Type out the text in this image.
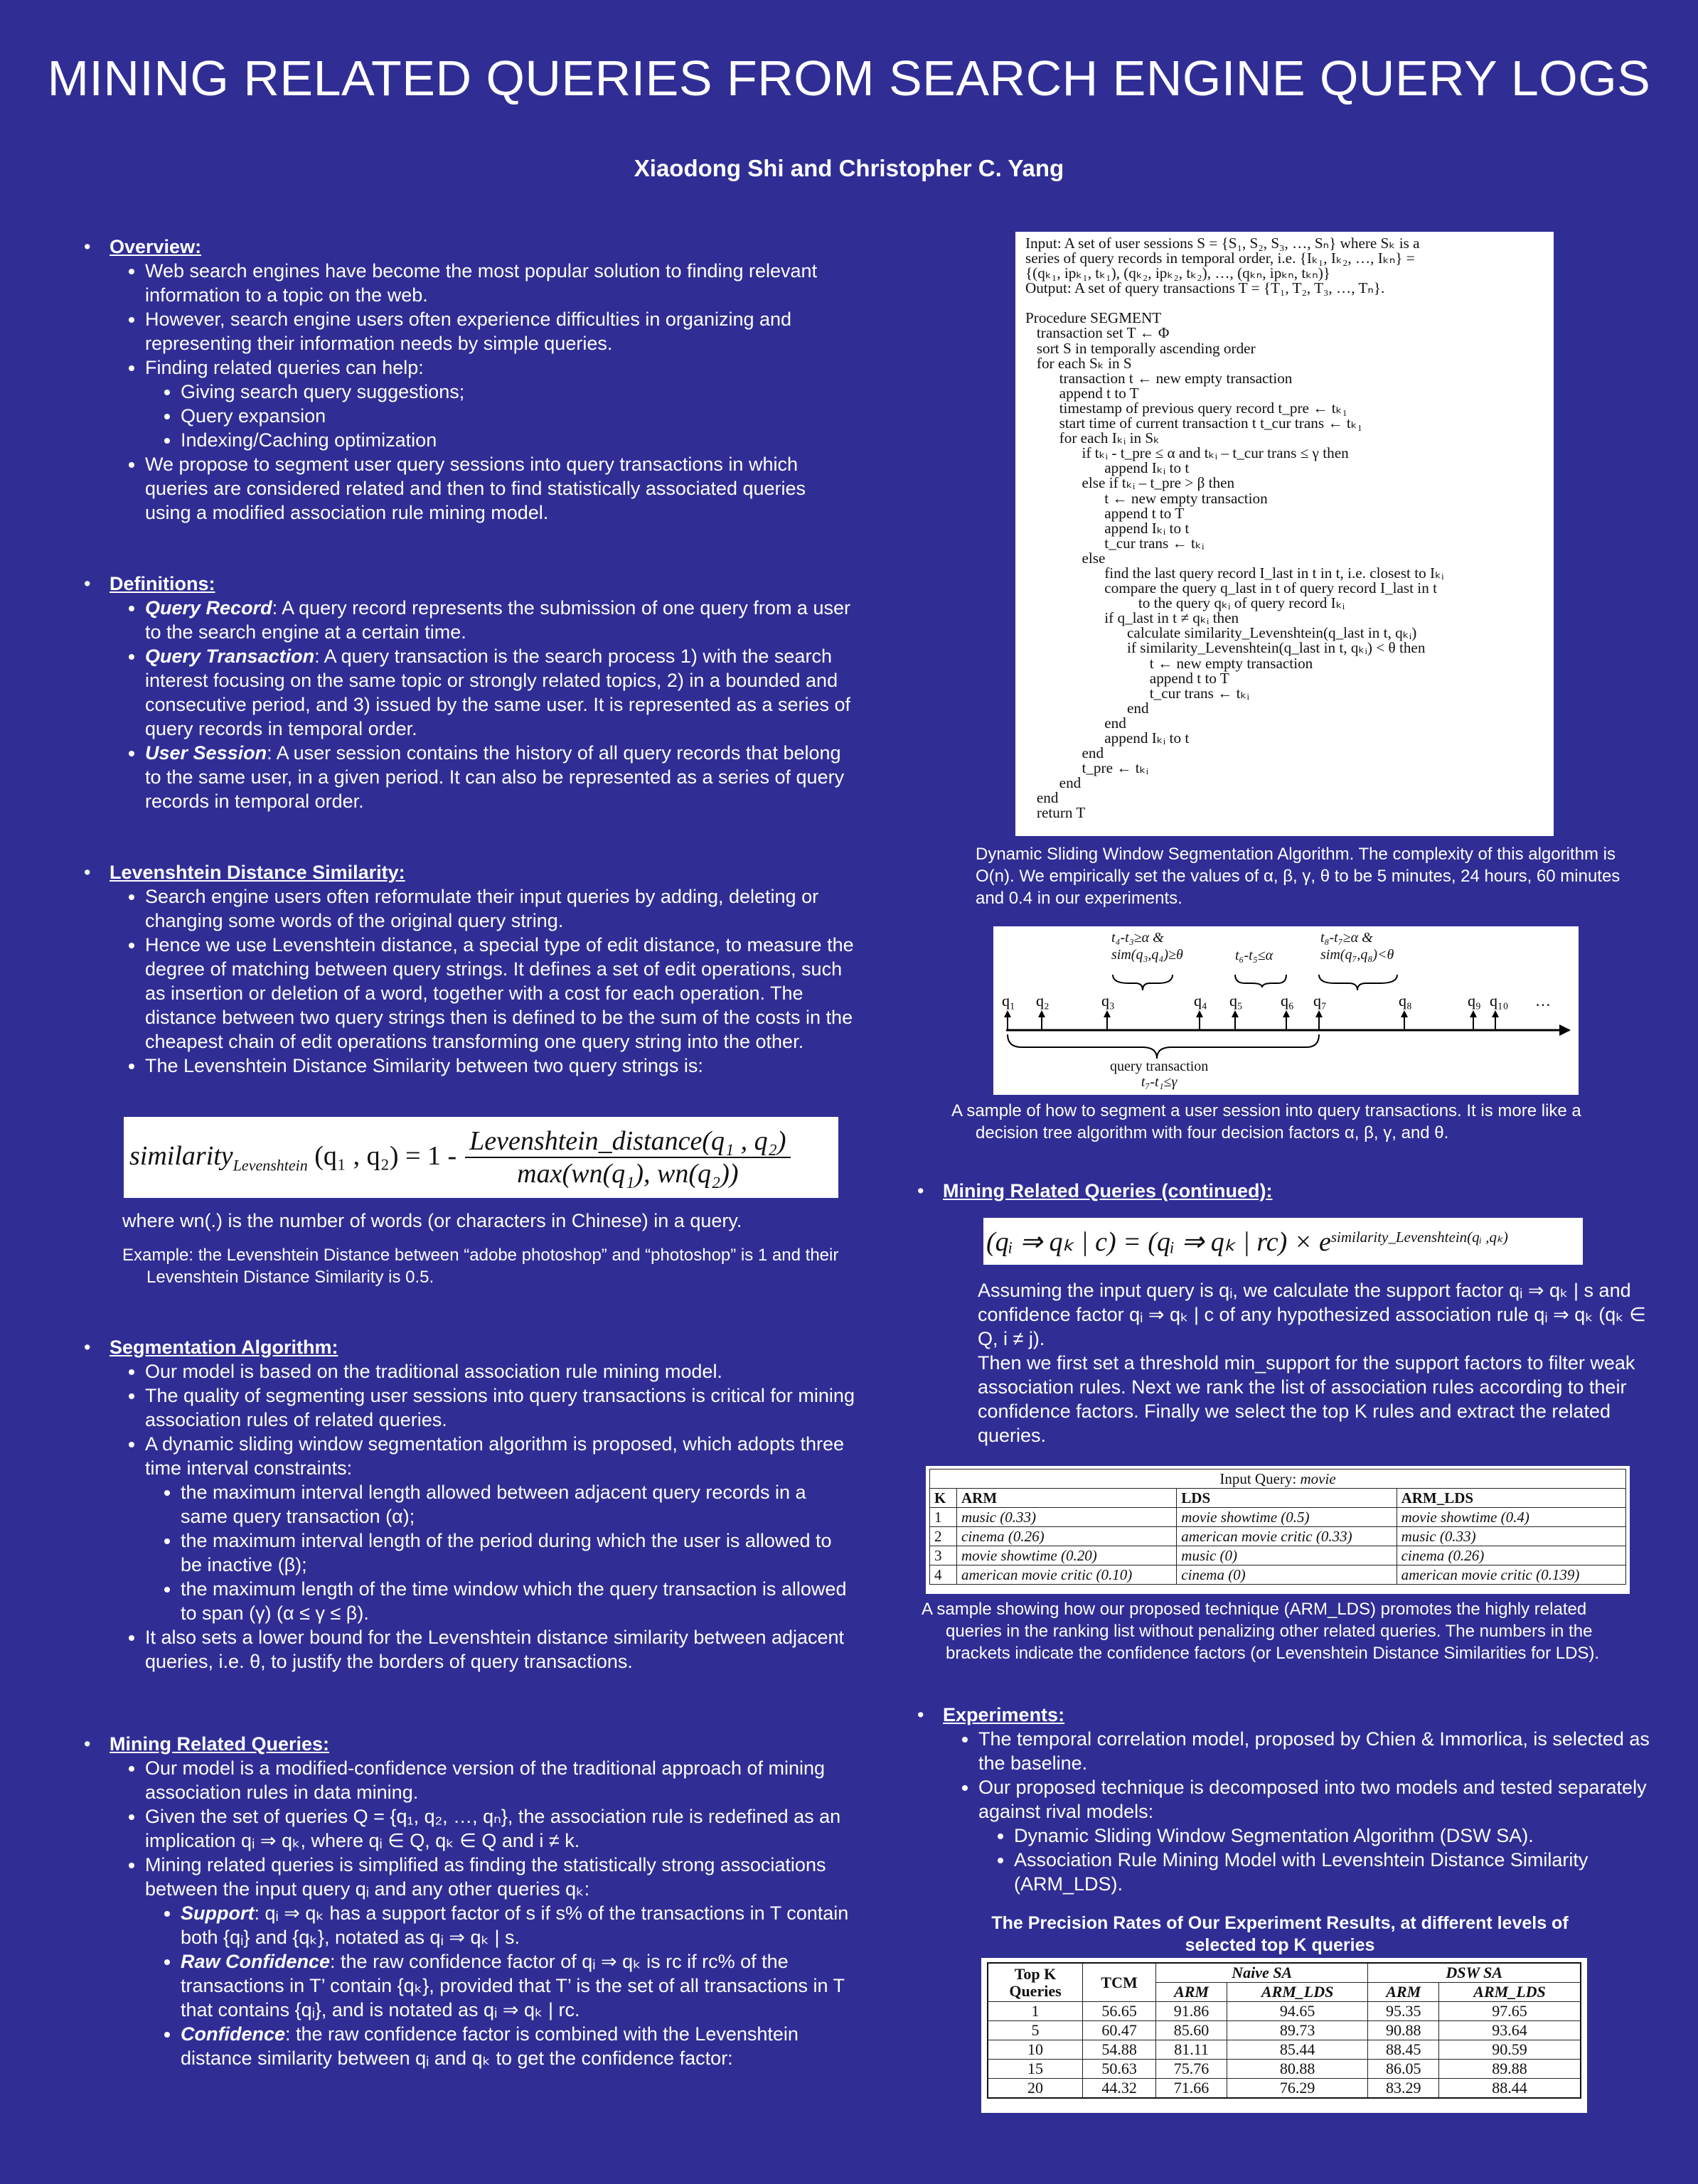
MINING RELATED QUERIES FROM SEARCH ENGINE QUERY LOGS
Xiaodong Shi and Christopher C. Yang
• Overview:
• Web search engines have become the most popular solution to finding relevant information to a topic on the web.
• However, search engine users often experience difficulties in organizing and representing their information needs by simple queries.
• Finding related queries can help:
• Giving search query suggestions;
• Query expansion
• Indexing/Caching optimization
• We propose to segment user query sessions into query transactions in which queries are considered related and then to find statistically associated queries using a modified association rule mining model.
• Definitions:
• Query Record: A query record represents the submission of one query from a user to the search engine at a certain time.
• Query Transaction: A query transaction is the search process 1) with the search interest focusing on the same topic or strongly related topics, 2) in a bounded and consecutive period, and 3) issued by the same user. It is represented as a series of query records in temporal order.
• User Session: A user session contains the history of all query records that belong to the same user, in a given period. It can also be represented as a series of query records in temporal order.
• Levenshtein Distance Similarity:
• Search engine users often reformulate their input queries by adding, deleting or changing some words of the original query string.
• Hence we use Levenshtein distance, a special type of edit distance, to measure the degree of matching between query strings. It defines a set of edit operations, such as insertion or deletion of a word, together with a cost for each operation. The distance between two query strings then is defined to be the sum of the costs in the cheapest chain of edit operations transforming one query string into the other.
• The Levenshtein Distance Similarity between two query strings is:
similarity$_{Levenshtein}$ (q₁ , q₂) = 1 - Levenshtein_distance(q₁ , q₂)
max(wn(q₁), wn(q₂))
where wn(.) is the number of words (or characters in Chinese) in a query.
Example: the Levenshtein Distance between “adobe photoshop” and “photoshop” is 1 and their Levenshtein Distance Similarity is 0.5.
• Segmentation Algorithm:
• Our model is based on the traditional association rule mining model.
• The quality of segmenting user sessions into query transactions is critical for mining association rules of related queries.
• A dynamic sliding window segmentation algorithm is proposed, which adopts three time interval constraints:
• the maximum interval length allowed between adjacent query records in a same query transaction (α);
• the maximum interval length of the period during which the user is allowed to be inactive (β);
• the maximum length of the time window which the query transaction is allowed to span (γ) (α ≤ γ ≤ β).
• It also sets a lower bound for the Levenshtein distance similarity between adjacent queries, i.e. θ, to justify the borders of query transactions.
• Mining Related Queries:
• Our model is a modified-confidence version of the traditional approach of mining association rules in data mining.
• Given the set of queries Q = {q₁, q₂, …, qₙ}, the association rule is redefined as an implication qᵢ ⇒ qₖ, where qᵢ ∈ Q, qₖ ∈ Q and i ≠ k.
• Mining related queries is simplified as finding the statistically strong associations between the input query qᵢ and any other queries qₖ:
• Support: qᵢ ⇒ qₖ has a support factor of s if s% of the transactions in T contain both {qᵢ} and {qₖ}, notated as qᵢ ⇒ qₖ | s.
• Raw Confidence: the raw confidence factor of qᵢ ⇒ qₖ is rc if rc% of the transactions in T’ contain {qₖ}, provided that T’ is the set of all transactions in T that contains {qᵢ}, and is notated as qᵢ ⇒ qₖ | rc.
• Confidence: the raw confidence factor is combined with the Levenshtein distance similarity between qᵢ and qₖ to get the confidence factor:
Input: A set of user sessions S = {S₁, S₂, S₃, …, Sₙ} where Sₖ is a
series of query records in temporal order, i.e. {Iₖ₁, Iₖ₂, …, Iₖₙ} =
{(qₖ₁, ipₖ₁, tₖ₁), (qₖ₂, ipₖ₂, tₖ₂), …, (qₖₙ, ipₖₙ, tₖₙ)}
Output: A set of query transactions T = {T₁, T₂, T₃, …, Tₙ}.
Procedure SEGMENT
transaction set T ← Φ
sort S in temporally ascending order
for each Sₖ in S
transaction t ← new empty transaction
append t to T
timestamp of previous query record t_pre ← tₖ₁
start time of current transaction t t_cur trans ← tₖ₁
for each Iₖᵢ in Sₖ
if tₖᵢ - t_pre ≤ α and tₖᵢ – t_cur trans ≤ γ then
append Iₖᵢ to t
else if tₖᵢ – t_pre > β then
t ← new empty transaction
append t to T
append Iₖᵢ to t
t_cur trans ← tₖᵢ
else
find the last query record I_last in t in t, i.e. closest to Iₖᵢ
compare the query q_last in t of query record I_last in t
to the query qₖᵢ of query record Iₖᵢ
if q_last in t ≠ qₖᵢ then
calculate similarity_Levenshtein(q_last in t, qₖᵢ)
if similarity_Levenshtein(q_last in t, qₖᵢ) < θ then
t ← new empty transaction
append t to T
t_cur trans ← tₖᵢ
end
end
append Iₖᵢ to t
end
t_pre ← tₖᵢ
end
end
return T
Dynamic Sliding Window Segmentation Algorithm. The complexity of this algorithm is O(n). We empirically set the values of α, β, γ, θ to be 5 minutes, 24 hours, 60 minutes and 0.4 in our experiments.
q₁ q₂	q₃	q₄ q₅ q₆ q₇	q₈	q₉ q₁₀ …
t₄-t₃≥α &
sim(q₃,q₄)≥θ	t₆-t₅≤α
t₈-t₇≥α &
sim(q₇,q₈)<θ
query transaction
t₇-t₁≤γ
A sample of how to segment a user session into query transactions. It is more like a decision tree algorithm with four decision factors α, β, γ, and θ.
• Mining Related Queries (continued):
(qᵢ ⇒ qₖ | c) = (qᵢ ⇒ qₖ | $rc) \times e^{similarity\_Levenshtein(qᵢ ,q_k)}$
Assuming the input query is qᵢ, we calculate the support factor qᵢ ⇒ qₖ | s and confidence factor qᵢ ⇒ qₖ | c of any hypothesized association rule qᵢ ⇒ qₖ (qₖ ∈ Q, i ≠ j).
Then we first set a threshold min_support for the support factors to filter weak association rules. Next we rank the list of association rules according to their confidence factors. Finally we select the top K rules and extract the related queries.
Input Query: movie			
K	ARM	LDS	ARM_LDS
1	music (0.33)	movie showtime (0.5)	movie showtime (0.4)
2	cinema (0.26)	american movie critic (0.33)	music (0.33)
3	movie showtime (0.20)	music (0)	cinema (0.26)
4	american movie critic (0.10)	cinema (0)	american movie critic (0.139)
A sample showing how our proposed technique (ARM_LDS) promotes the highly related queries in the ranking list without penalizing other related queries. The numbers in the brackets indicate the confidence factors (or Levenshtein Distance Similarities for LDS).
• Experiments:
• The temporal correlation model, proposed by Chien & Immorlica, is selected as the baseline.
• Our proposed technique is decomposed into two models and tested separately against rival models:
• Dynamic Sliding Window Segmentation Algorithm (DSW SA).
• Association Rule Mining Model with Levenshtein Distance Similarity (ARM_LDS).
The Precision Rates of Our Experiment Results, at different levels of selected top K queries
Top K Queries	TCM	Naive SA		DSW SA	
		ARM	ARM_LDS	ARM	ARM_LDS
1	56.65	91.86	94.65	95.35	97.65
5	60.47	85.60	89.73	90.88	93.64
10	54.88	81.11	85.44	88.45	90.59
15	50.63	75.76	80.88	86.05	89.88
20	44.32	71.66	76.29	83.29	88.44
